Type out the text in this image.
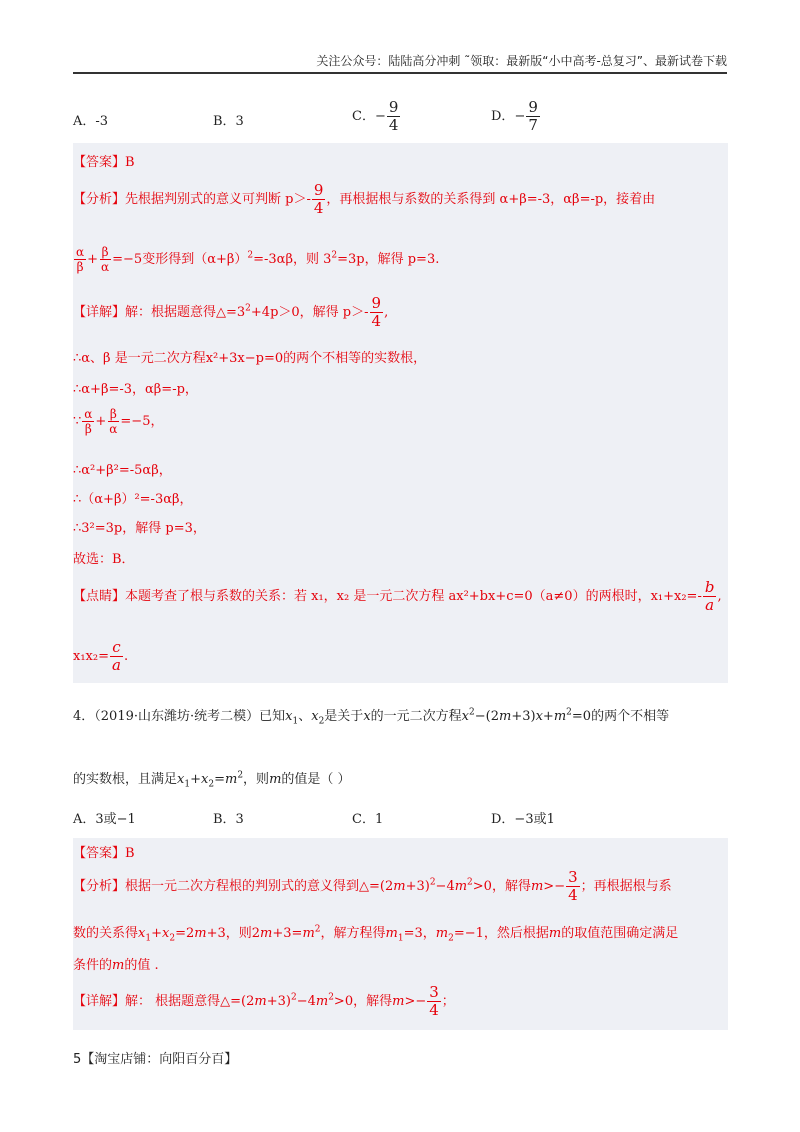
关注公众号：陆陆高分冲刺 ˜领取：最新版“小中高考-总复习”、最新试卷下载
A．-3	B．3	C．− $\frac{9}{4}$	D．− $\frac{9}{7}$
【答案】B
【分析】先根据判别式的意义可判断 $p>- \frac{9}{4}$ ，再根据根与系数的关系得到 α+β=-3，αβ=-p，接着由
$\frac{\alpha}{\beta} + \frac{\beta}{\alpha} =-5$变形得到$(\alpha+\beta)^2=-3\alpha\beta$，则 $3^2=3p$，解得 p=3.
【详解】解：根据题意得$\triangle=3^2+4p>0$，解得 $p>- \frac{9}{4}$ ,
∴α、β 是一元二次方程x²+3x−p=0的两个不相等的实数根，
∴α+β=-3，αβ=-p，
∵ $\frac{\alpha}{\beta} + \frac{\beta}{\alpha} =-5$，
∴α²+β²=-5αβ，
∴（α+β）²=-3αβ，
∴3²=3p，解得 p=3，
故选：B．
【点睛】本题考查了根与系数的关系：若 x₁，x₂ 是一元二次方程 ax²+bx+c=0（a≠0）的两根时，$x_1+x_2=- \frac{b}{a}$ ,
$x_1x_2= \frac{c}{a}$ .
4．（2019·山东潍坊·统考二模）已知$x_1$、$x_2$是关于x的一元二次方程$x^2-(2m+3)x+m^2=0$的两个不相等
的实数根，且满足$x_1+x_2=m^2$，则m的值是（ ）
A．3或−1	B．3	C．1	D．−3或1
【答案】B
【分析】根据一元二次方程根的判别式的意义得到$\triangle=(2m+3)^2-4m^2>0$，解得$m>- \frac{3}{4}$ ；再根据根与系
数的关系得$x_1+x_2=2m+3$，则$2m+3=m^2$，解方程得$m_1=3$，$m_2=-1$，然后根据m的取值范围确定满足
条件的m的值 .
【详解】解： 根据题意得$\triangle=(2m+3)^2-4m^2>0$，解得$m>- \frac{3}{4}$ ；
5【淘宝店铺：向阳百分百】
